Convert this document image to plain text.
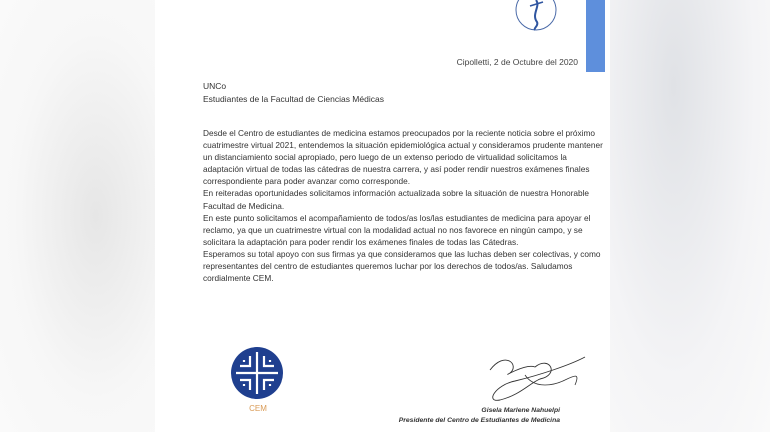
Cipolletti, 2 de Octubre del 2020
UNCo
Estudiantes de la Facultad de Ciencias Médicas

Desde el Centro de estudiantes de medicina estamos preocupados por la reciente noticia sobre el próximo cuatrimestre virtual 2021, entendemos la situación epidemiológica actual y consideramos prudente mantener un distanciamiento social apropiado, pero luego de un extenso periodo de virtualidad solicitamos la adaptación virtual de todas las cátedras de nuestra carrera, y así poder rendir nuestros exámenes finales correspondiente para poder avanzar como corresponde.

En reiteradas oportunidades solicitamos información actualizada sobre la situación de nuestra Honorable Facultad de Medicina.

En este punto solicitamos el acompañamiento de todos/as los/las estudiantes de medicina para apoyar el reclamo, ya que un cuatrimestre virtual con la modalidad actual no nos favorece en ningún campo, y se solicitara la adaptación para poder rendir los exámenes finales de todas las Cátedras.

Esperamos su total apoyo con sus firmas ya que consideramos que las luchas deben ser colectivas, y como representantes del centro de estudiantes queremos luchar por los derechos de todos/as. Saludamos cordialmente CEM.

CEM	Gisela Marlene Nahuelpi
Presidente del Centro de Estudiantes de Medicina
